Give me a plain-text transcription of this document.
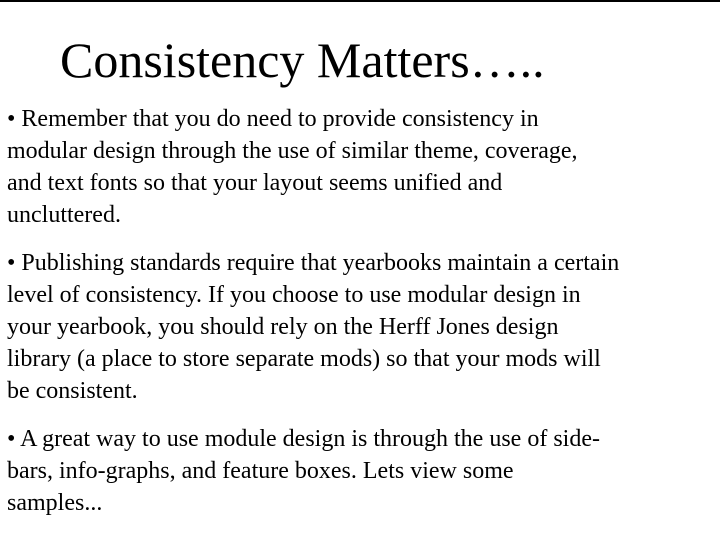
Consistency Matters…..

• Remember that you do need to provide consistency in
modular design through the use of similar theme, coverage,
and text fonts so that your layout seems unified and
uncluttered.

• Publishing standards require that yearbooks maintain a certain
level of consistency. If you choose to use modular design in
your yearbook, you should rely on the Herff Jones design
library (a place to store separate mods) so that your mods will
be consistent.

• A great way to use module design is through the use of side-
bars, info-graphs, and feature boxes. Lets view some
samples...
